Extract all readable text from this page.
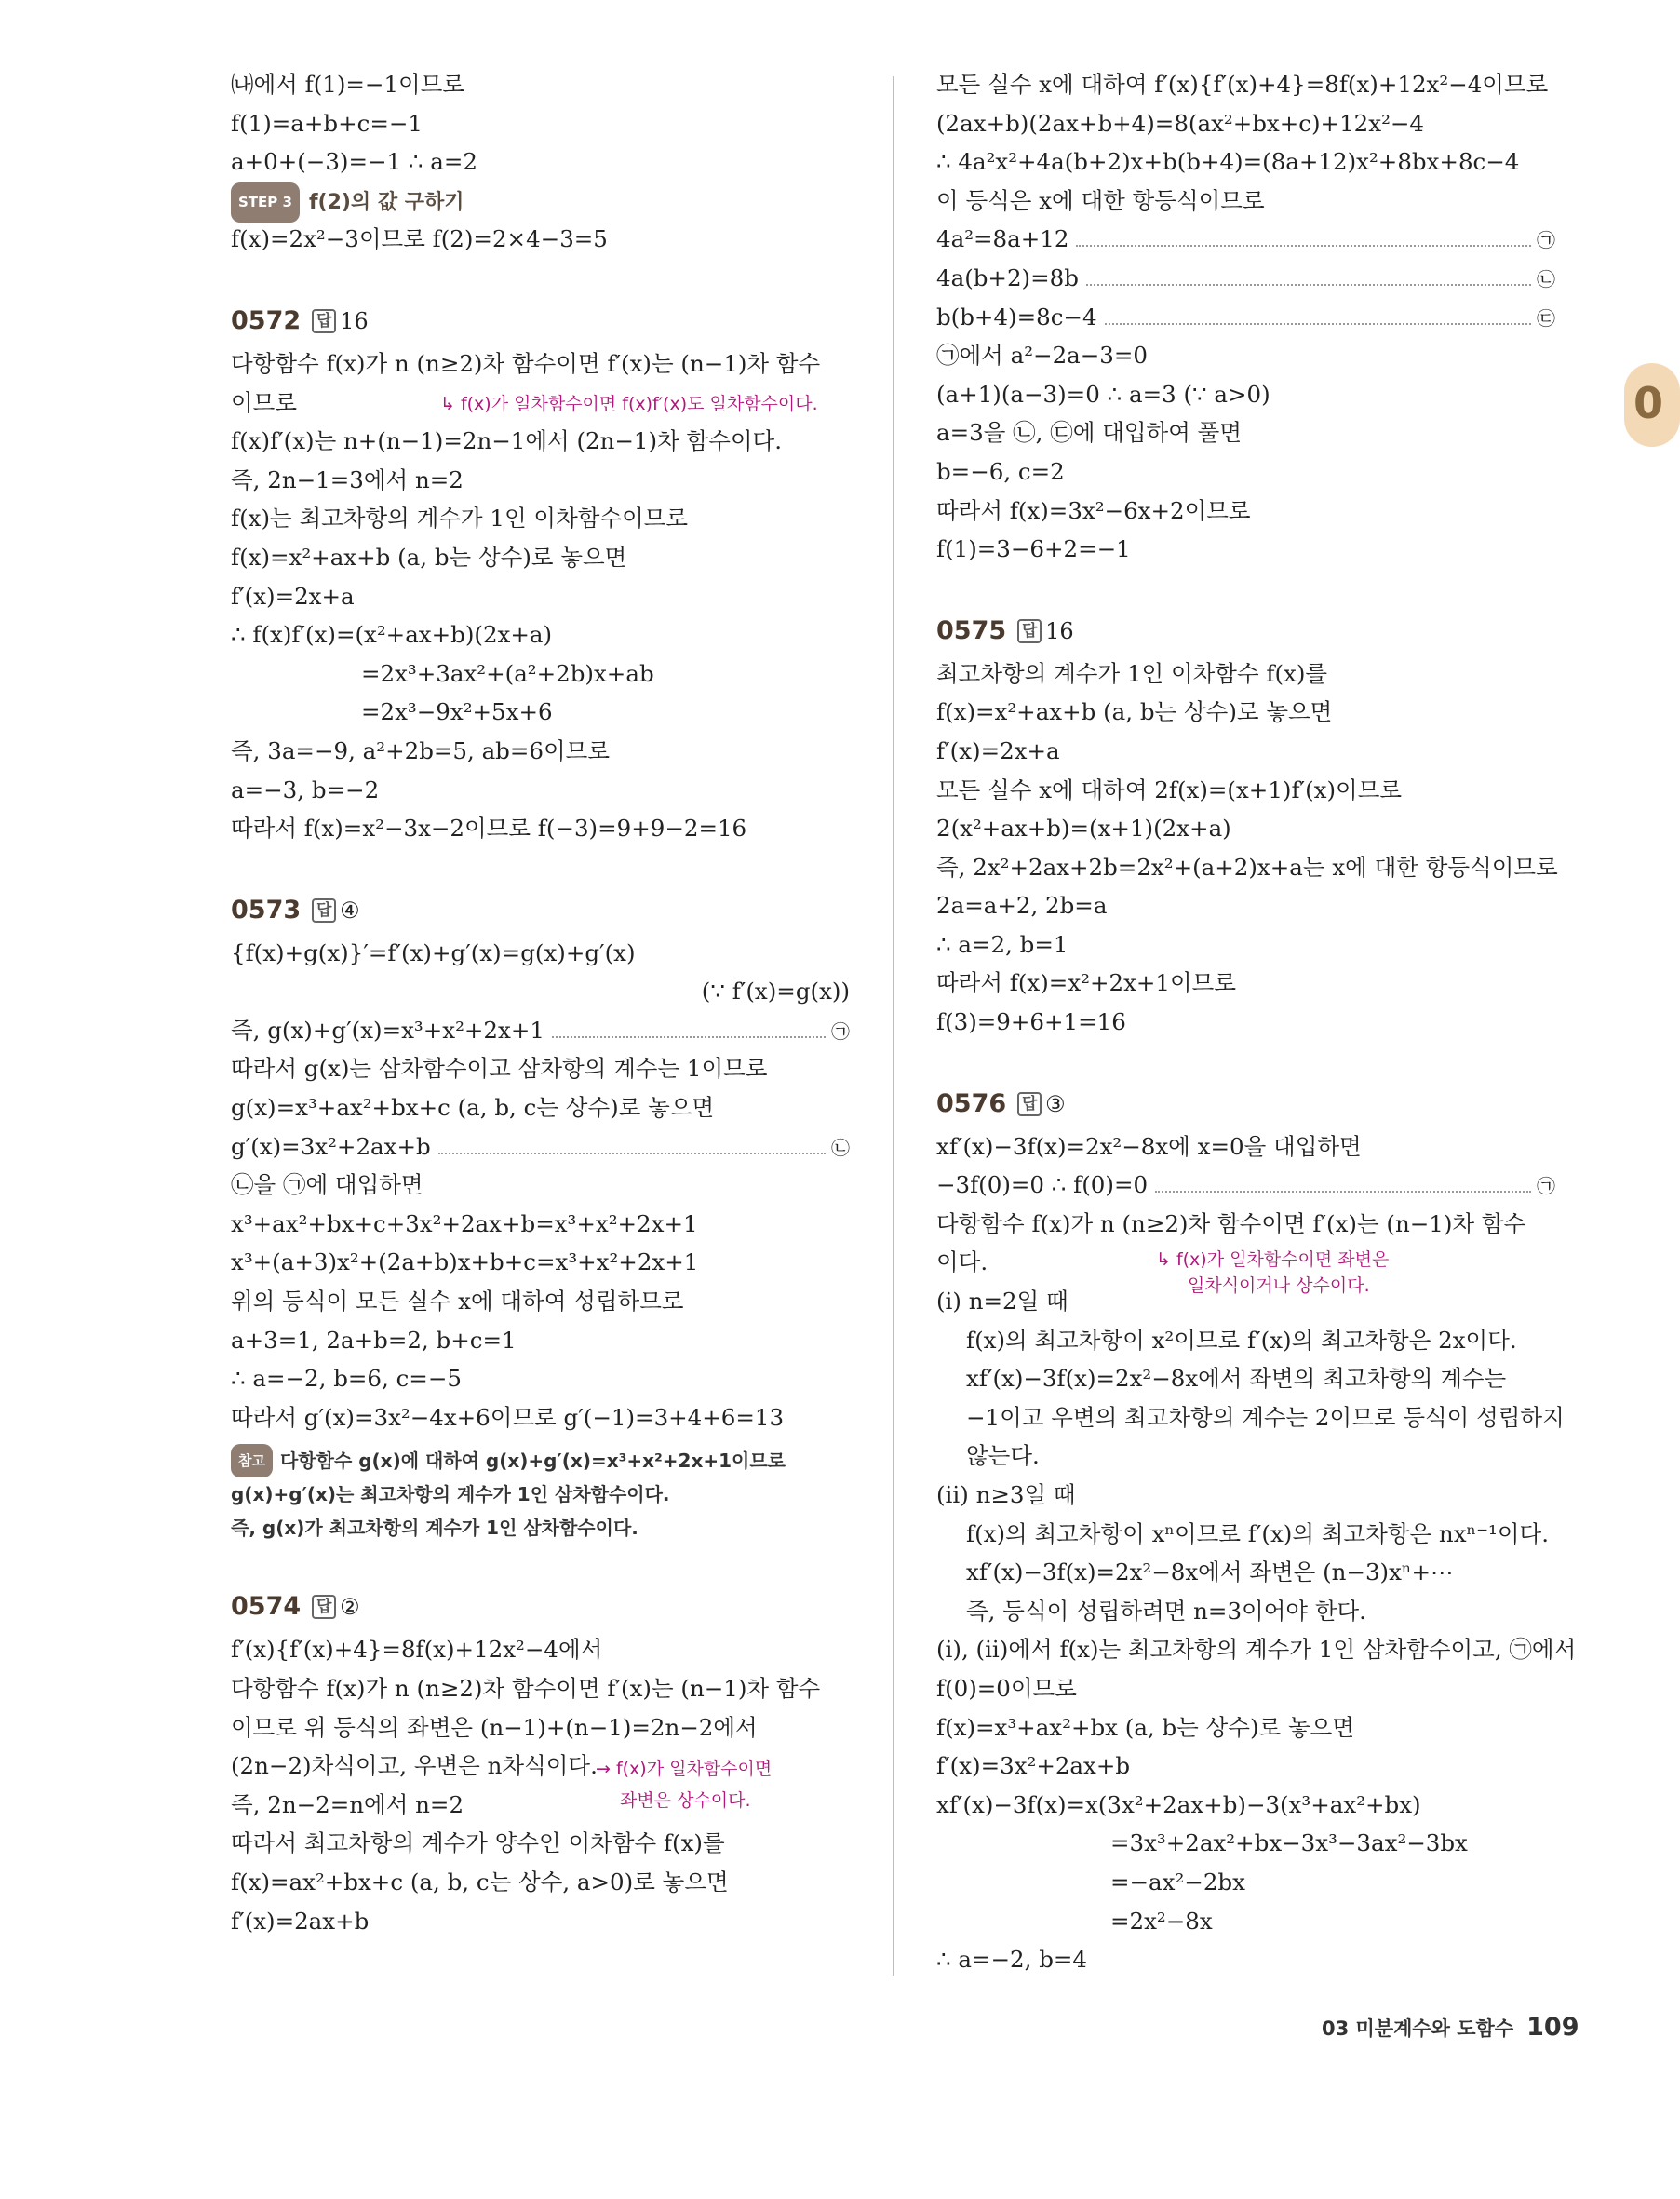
0
㈏에서 f(1)=−1이므로
f(1)=a+b+c=−1
a+0+(−3)=−1 ∴ a=2
STEP 3 f(2)의 값 구하기
f(x)=2x²−3이므로 f(2)=2×4−3=5
0572 답 16
다항함수 f(x)가 n (n≥2)차 함수이면 f′(x)는 (n−1)차 함수
이므로	↳ f(x)가 일차함수이면 f(x)f′(x)도 일차함수이다.
f(x)f′(x)는 n+(n−1)=2n−1에서 (2n−1)차 함수이다.
즉, 2n−1=3에서 n=2
f(x)는 최고차항의 계수가 1인 이차함수이므로
f(x)=x²+ax+b (a, b는 상수)로 놓으면
f′(x)=2x+a
∴ f(x)f′(x)=(x²+ax+b)(2x+a)
=2x³+3ax²+(a²+2b)x+ab
=2x³−9x²+5x+6
즉, 3a=−9, a²+2b=5, ab=6이므로
a=−3, b=−2
따라서 f(x)=x²−3x−2이므로 f(−3)=9+9−2=16
0573 답 ④
{f(x)+g(x)}′=f′(x)+g′(x)=g(x)+g′(x)
(∵ f′(x)=g(x))
즉, g(x)+g′(x)=x³+x²+2x+1	㉠
따라서 g(x)는 삼차함수이고 삼차항의 계수는 1이므로
g(x)=x³+ax²+bx+c (a, b, c는 상수)로 놓으면
g′(x)=3x²+2ax+b	㉡
㉡을 ㉠에 대입하면
x³+ax²+bx+c+3x²+2ax+b=x³+x²+2x+1
x³+(a+3)x²+(2a+b)x+b+c=x³+x²+2x+1
위의 등식이 모든 실수 x에 대하여 성립하므로
a+3=1, 2a+b=2, b+c=1
∴ a=−2, b=6, c=−5
따라서 g′(x)=3x²−4x+6이므로 g′(−1)=3+4+6=13
참고 다항함수 g(x)에 대하여 g(x)+g′(x)=x³+x²+2x+1이므로
g(x)+g′(x)는 최고차항의 계수가 1인 삼차함수이다.
즉, g(x)가 최고차항의 계수가 1인 삼차함수이다.
0574 답 ②
f′(x){f′(x)+4}=8f(x)+12x²−4에서
다항함수 f(x)가 n (n≥2)차 함수이면 f′(x)는 (n−1)차 함수
이므로 위 등식의 좌변은 (n−1)+(n−1)=2n−2에서
(2n−2)차식이고, 우변은 n차식이다.
→ f(x)가 일차함수이면
즉, 2n−2=n에서 n=2	좌변은 상수이다.
따라서 최고차항의 계수가 양수인 이차함수 f(x)를
f(x)=ax²+bx+c (a, b, c는 상수, a>0)로 놓으면
f′(x)=2ax+b
모든 실수 x에 대하여 f′(x){f′(x)+4}=8f(x)+12x²−4이므로
(2ax+b)(2ax+b+4)=8(ax²+bx+c)+12x²−4
∴ 4a²x²+4a(b+2)x+b(b+4)=(8a+12)x²+8bx+8c−4
이 등식은 x에 대한 항등식이므로
4a²=8a+12	㉠
4a(b+2)=8b	㉡
b(b+4)=8c−4	㉢
㉠에서 a²−2a−3=0
(a+1)(a−3)=0 ∴ a=3 (∵ a>0)
a=3을 ㉡, ㉢에 대입하여 풀면
b=−6, c=2
따라서 f(x)=3x²−6x+2이므로
f(1)=3−6+2=−1
0575 답 16
최고차항의 계수가 1인 이차함수 f(x)를
f(x)=x²+ax+b (a, b는 상수)로 놓으면
f′(x)=2x+a
모든 실수 x에 대하여 2f(x)=(x+1)f′(x)이므로
2(x²+ax+b)=(x+1)(2x+a)
즉, 2x²+2ax+2b=2x²+(a+2)x+a는 x에 대한 항등식이므로
2a=a+2, 2b=a
∴ a=2, b=1
따라서 f(x)=x²+2x+1이므로
f(3)=9+6+1=16
0576 답 ③
xf′(x)−3f(x)=2x²−8x에 x=0을 대입하면
−3f(0)=0 ∴ f(0)=0	㉠
다항함수 f(x)가 n (n≥2)차 함수이면 f′(x)는 (n−1)차 함수
이다.	↳ f(x)가 일차함수이면 좌변은
일차식이거나 상수이다.
(i) n=2일 때
f(x)의 최고차항이 x²이므로 f′(x)의 최고차항은 2x이다.
xf′(x)−3f(x)=2x²−8x에서 좌변의 최고차항의 계수는
−1이고 우변의 최고차항의 계수는 2이므로 등식이 성립하지
않는다.
(ii) n≥3일 때
f(x)의 최고차항이 xⁿ이므로 f′(x)의 최고차항은 nxⁿ⁻¹이다.
xf′(x)−3f(x)=2x²−8x에서 좌변은 (n−3)xⁿ+⋯
즉, 등식이 성립하려면 n=3이어야 한다.
(i), (ii)에서 f(x)는 최고차항의 계수가 1인 삼차함수이고, ㉠에서
f(0)=0이므로
f(x)=x³+ax²+bx (a, b는 상수)로 놓으면
f′(x)=3x²+2ax+b
xf′(x)−3f(x)=x(3x²+2ax+b)−3(x³+ax²+bx)
=3x³+2ax²+bx−3x³−3ax²−3bx
=−ax²−2bx
=2x²−8x
∴ a=−2, b=4
03 미분계수와 도함수 109
